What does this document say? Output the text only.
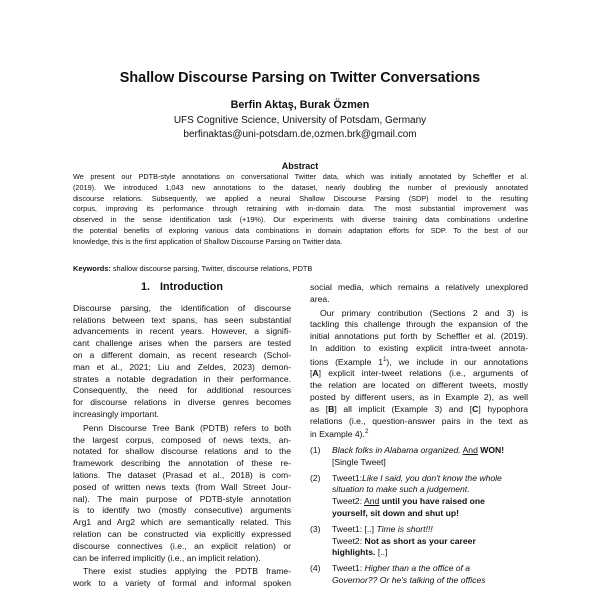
Shallow Discourse Parsing on Twitter Conversations
Berfin Aktaş, Burak Özmen
UFS Cognitive Science, University of Potsdam, Germany
berfinaktas@uni-potsdam.de,ozmen.brk@gmail.com
Abstract
We present our PDTB-style annotations on conversational Twitter data, which was initially annotated by Scheffler et al.
(2019). We introduced 1,043 new annotations to the dataset, nearly doubling the number of previously annotated
discourse relations. Subsequently, we applied a neural Shallow Discourse Parsing (SDP) model to the resulting
corpus, improving its performance through retraining with in-domain data. The most substantial improvement was
observed in the sense identification task (+19%). Our experiments with diverse training data combinations underline
the potential benefits of exploring various data combinations in domain adaptation efforts for SDP. To the best of our
knowledge, this is the first application of Shallow Discourse Parsing on Twitter data.
Keywords: shallow discourse parsing, Twitter, discourse relations, PDTB
1. Introduction
Discourse parsing, the identification of discourse
relations between text spans, has seen substantial
advancements in recent years. However, a signifi-
cant challenge arises when the parsers are tested
on a different domain, as recent research (Schol-
man et al., 2021; Liu and Zeldes, 2023) demon-
strates a notable degradation in their performance.
Consequently, the need for additional resources
for discourse relations in diverse genres becomes
increasingly important.
Penn Discourse Tree Bank (PDTB) refers to both
the largest corpus, composed of news texts, an-
notated for shallow discourse relations and to the
framework describing the annotation of these re-
lations. The dataset (Prasad et al., 2018) is com-
posed of written news texts (from Wall Street Jour-
nal). The main purpose of PDTB-style annotation
is to identify two (mostly consecutive) arguments
Arg1 and Arg2 which are semantically related. This
relation can be constructed via explicitly expressed
discourse connectives (i.e., an explicit relation) or
can be inferred implicitly (i.e., an implicit relation).
There exist studies applying the PDTB frame-
work to a variety of formal and informal spoken
social media, which remains a relatively unexplored
area.
Our primary contribution (Sections 2 and 3) is
tackling this challenge through the expansion of the
initial annotations put forth by Scheffler et al. (2019).
In addition to existing explicit intra-tweet annota-
tions (Example $1^1$), we include in our annotations
[A] explicit inter-tweet relations (i.e., arguments of
the relation are located on different tweets, mostly
posted by different users, as in Example 2), as well
as [B] all implicit (Example 3) and [C] hypophora
relations (i.e., question-answer pairs in the text as
in Example 4).$^2$
(1)	Black folks in Alabama organized. And WON!
[Single Tweet]
(2)	Tweet1:Like I said, you don't know the whole
situation to make such a judgement.
Tweet2: And until you have raised one
yourself, sit down and shut up!
(3)	Tweet1: [..] Time is short!!!
Tweet2: Not as short as your career
highlights. [..]
(4)	Tweet1: Higher than a the office of a
Governor?? Or he's talking of the offices
